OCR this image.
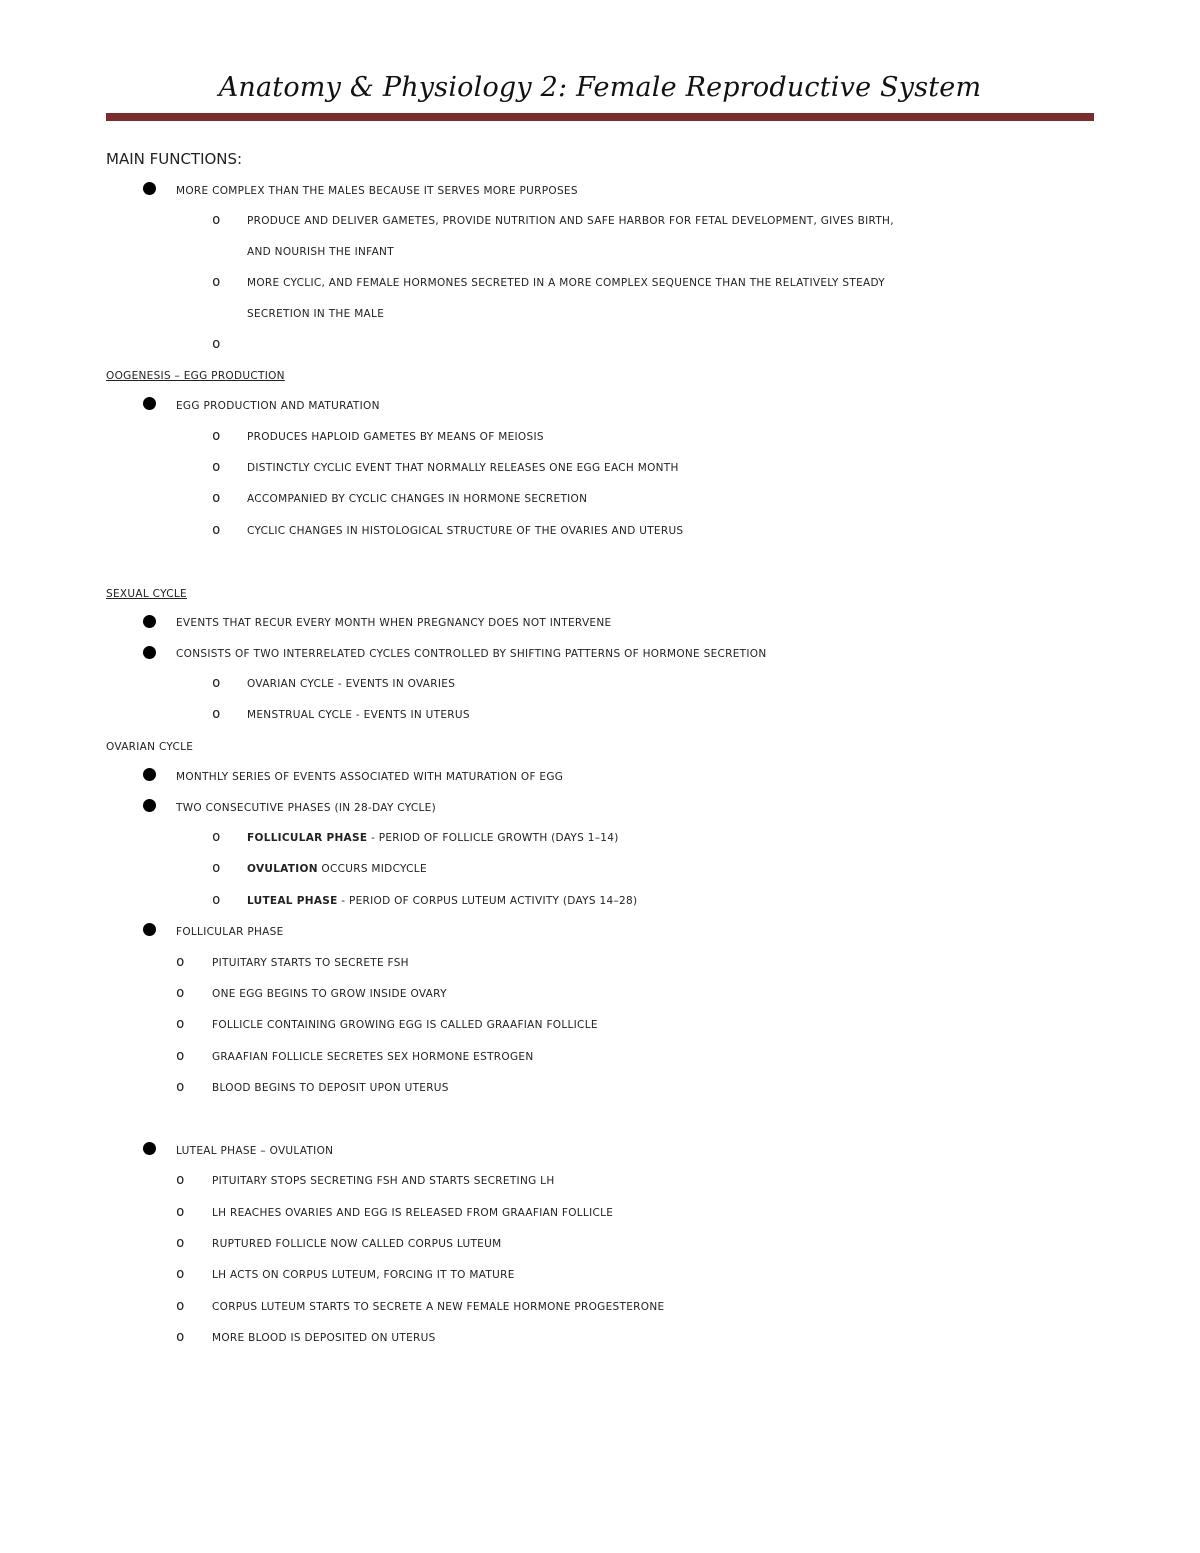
Anatomy & Physiology 2: Female Reproductive System
MAIN FUNCTIONS:
MORE COMPLEX THAN THE MALES BECAUSE IT SERVES MORE PURPOSES
o	PRODUCE AND DELIVER GAMETES, PROVIDE NUTRITION AND SAFE HARBOR FOR FETAL DEVELOPMENT, GIVES BIRTH,
AND NOURISH THE INFANT
o	MORE CYCLIC, AND FEMALE HORMONES SECRETED IN A MORE COMPLEX SEQUENCE THAN THE RELATIVELY STEADY
SECRETION IN THE MALE
o
OOGENESIS – EGG PRODUCTION
EGG PRODUCTION AND MATURATION
o	PRODUCES HAPLOID GAMETES BY MEANS OF MEIOSIS
o	DISTINCTLY CYCLIC EVENT THAT NORMALLY RELEASES ONE EGG EACH MONTH
o	ACCOMPANIED BY CYCLIC CHANGES IN HORMONE SECRETION
o	CYCLIC CHANGES IN HISTOLOGICAL STRUCTURE OF THE OVARIES AND UTERUS
SEXUAL CYCLE
EVENTS THAT RECUR EVERY MONTH WHEN PREGNANCY DOES NOT INTERVENE
CONSISTS OF TWO INTERRELATED CYCLES CONTROLLED BY SHIFTING PATTERNS OF HORMONE SECRETION
o	OVARIAN CYCLE - EVENTS IN OVARIES
o	MENSTRUAL CYCLE - EVENTS IN UTERUS
OVARIAN CYCLE
MONTHLY SERIES OF EVENTS ASSOCIATED WITH MATURATION OF EGG
TWO CONSECUTIVE PHASES (IN 28-DAY CYCLE)
o	FOLLICULAR PHASE - PERIOD OF FOLLICLE GROWTH (DAYS 1–14)
o	OVULATION OCCURS MIDCYCLE
o	LUTEAL PHASE - PERIOD OF CORPUS LUTEUM ACTIVITY (DAYS 14–28)
FOLLICULAR PHASE
o	PITUITARY STARTS TO SECRETE FSH
o	ONE EGG BEGINS TO GROW INSIDE OVARY
o	FOLLICLE CONTAINING GROWING EGG IS CALLED GRAAFIAN FOLLICLE
o	GRAAFIAN FOLLICLE SECRETES SEX HORMONE ESTROGEN
o	BLOOD BEGINS TO DEPOSIT UPON UTERUS
LUTEAL PHASE – OVULATION
o	PITUITARY STOPS SECRETING FSH AND STARTS SECRETING LH
o	LH REACHES OVARIES AND EGG IS RELEASED FROM GRAAFIAN FOLLICLE
o	RUPTURED FOLLICLE NOW CALLED CORPUS LUTEUM
o	LH ACTS ON CORPUS LUTEUM, FORCING IT TO MATURE
o	CORPUS LUTEUM STARTS TO SECRETE A NEW FEMALE HORMONE PROGESTERONE
o	MORE BLOOD IS DEPOSITED ON UTERUS
